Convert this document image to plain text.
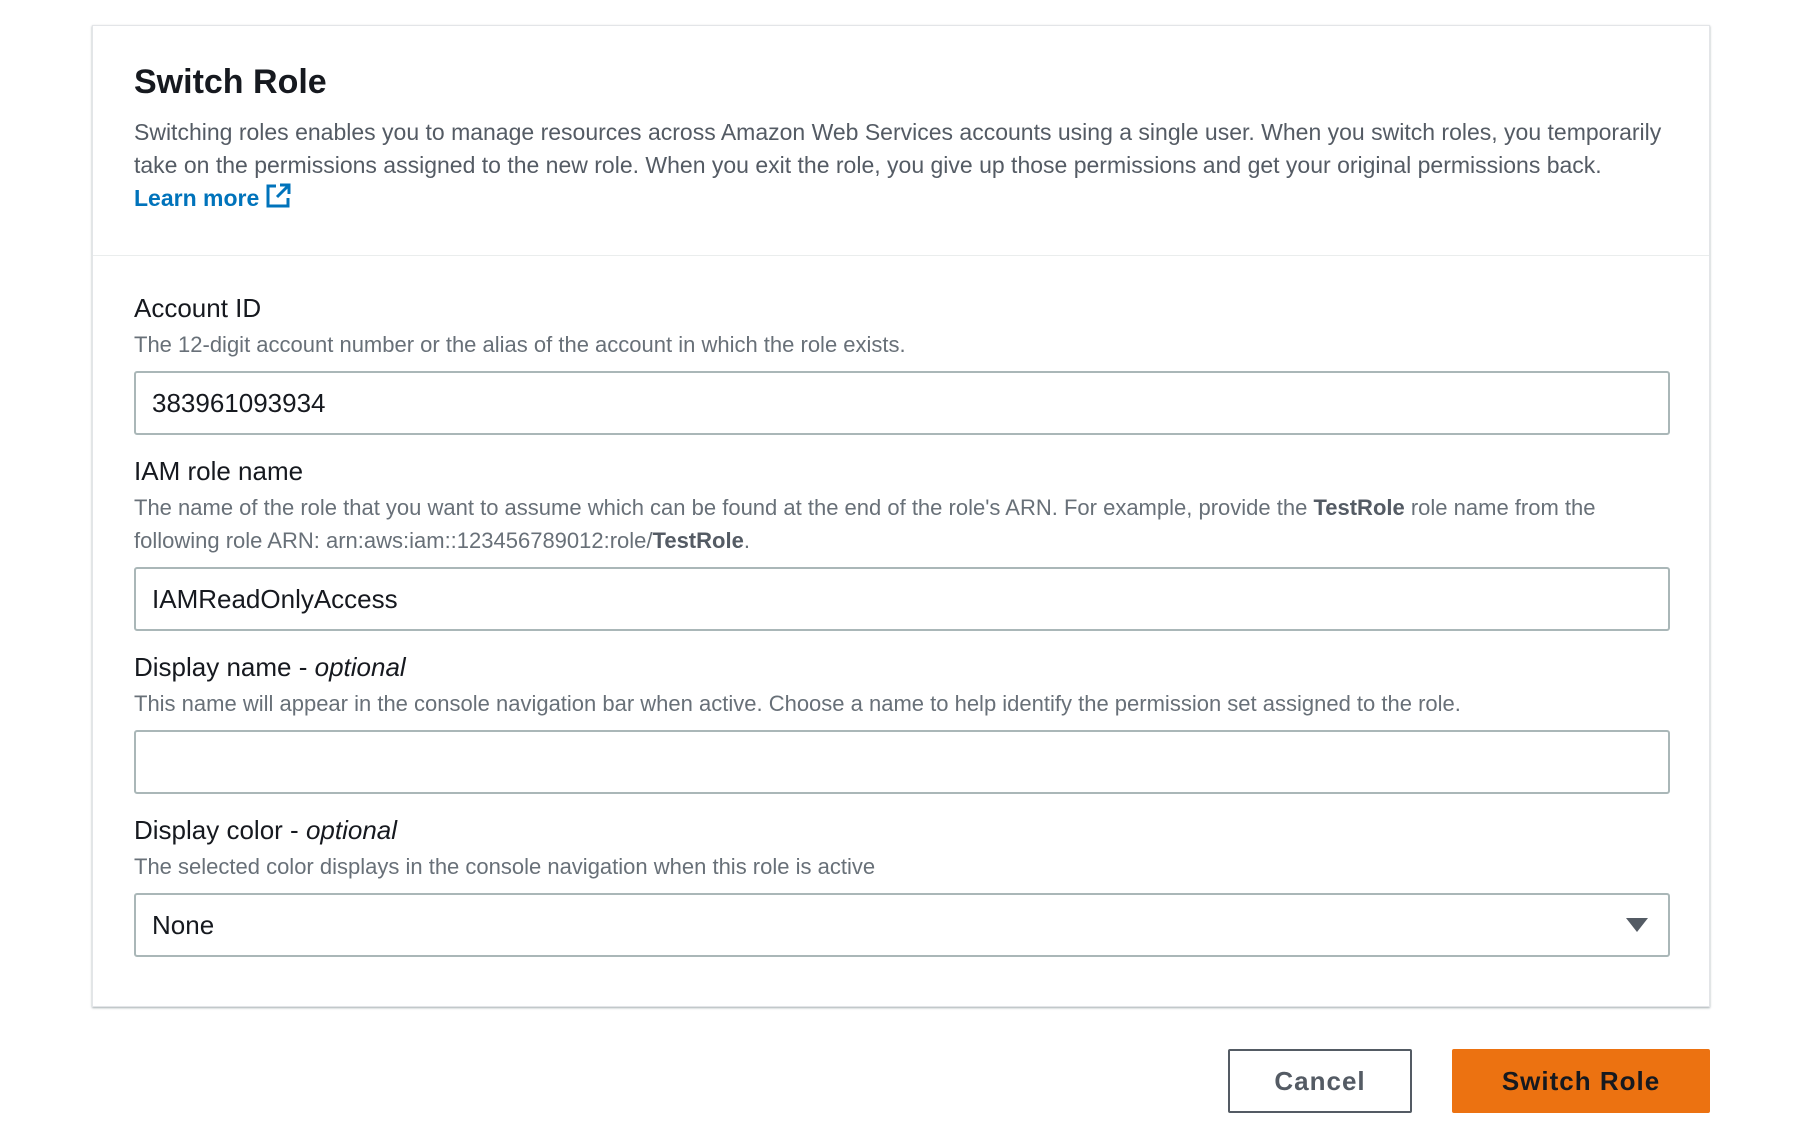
Switch Role

Switching roles enables you to manage resources across Amazon Web Services accounts using a single user. When you switch roles, you temporarily take on the permissions assigned to the new role. When you exit the role, you give up those permissions and get your original permissions back. Learn more

Account ID
The 12-digit account number or the alias of the account in which the role exists.
383961093934
IAM role name
The name of the role that you want to assume which can be found at the end of the role's ARN. For example, provide the TestRole role name from the following role ARN: arn:aws:iam::123456789012:role/TestRole.
IAMReadOnlyAccess
Display name - optional
This name will appear in the console navigation bar when active. Choose a name to help identify the permission set assigned to the role.
Display color - optional
The selected color displays in the console navigation when this role is active
None
Cancel	Switch Role
